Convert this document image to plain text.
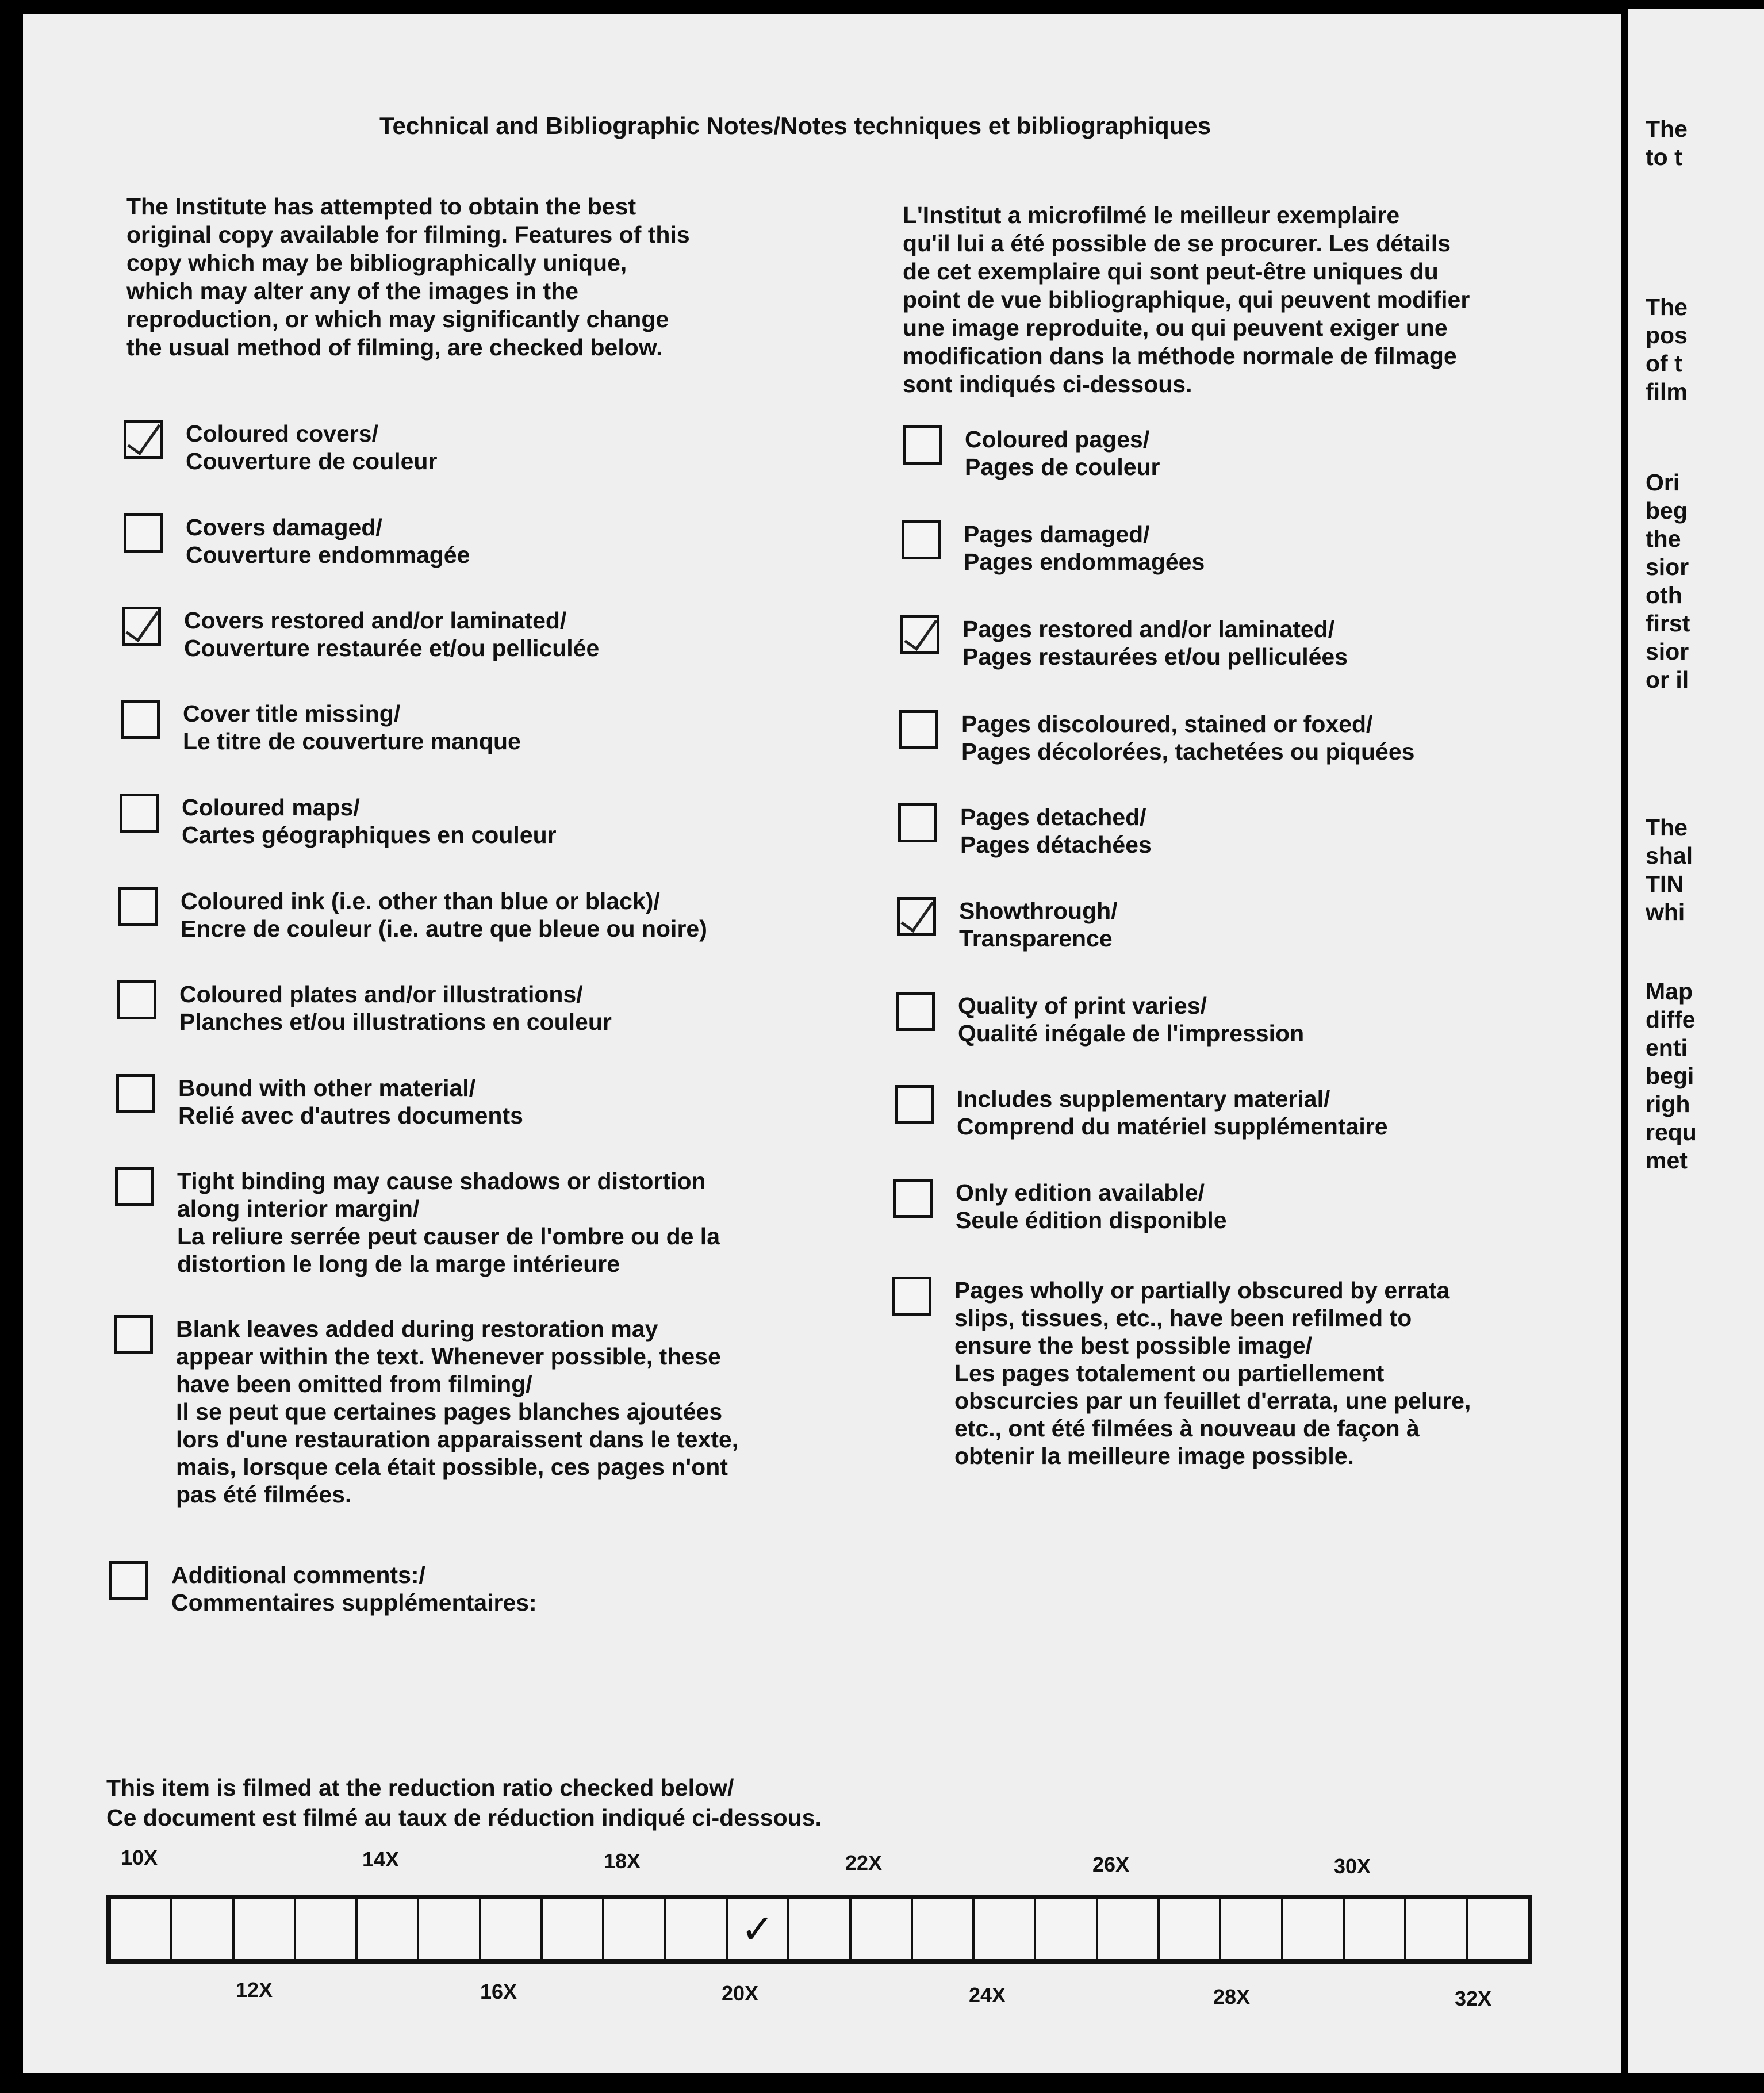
Technical and Bibliographic Notes/Notes techniques et bibliographiques

The Institute has attempted to obtain the best
original copy available for filming. Features of this
copy which may be bibliographically unique,
which may alter any of the images in the
reproduction, or which may significantly change
the usual method of filming, are checked below.

L'Institut a microfilmé le meilleur exemplaire
qu'il lui a été possible de se procurer. Les détails
de cet exemplaire qui sont peut-être uniques du
point de vue bibliographique, qui peuvent modifier
une image reproduite, ou qui peuvent exiger une
modification dans la méthode normale de filmage
sont indiqués ci-dessous.

Coloured covers/
Couverture de couleur
Covers damaged/
Couverture endommagée
Covers restored and/or laminated/
Couverture restaurée et/ou pelliculée
Cover title missing/
Le titre de couverture manque
Coloured maps/
Cartes géographiques en couleur
Coloured ink (i.e. other than blue or black)/
Encre de couleur (i.e. autre que bleue ou noire)
Coloured plates and/or illustrations/
Planches et/ou illustrations en couleur
Bound with other material/
Relié avec d'autres documents
Tight binding may cause shadows or distortion
along interior margin/
La reliure serrée peut causer de l'ombre ou de la
distortion le long de la marge intérieure
Blank leaves added during restoration may
appear within the text. Whenever possible, these
have been omitted from filming/
Il se peut que certaines pages blanches ajoutées
lors d'une restauration apparaissent dans le texte,
mais, lorsque cela était possible, ces pages n'ont
pas été filmées.
Additional comments:/
Commentaires supplémentaires:
Coloured pages/
Pages de couleur
Pages damaged/
Pages endommagées
Pages restored and/or laminated/
Pages restaurées et/ou pelliculées
Pages discoloured, stained or foxed/
Pages décolorées, tachetées ou piquées
Pages detached/
Pages détachées
Showthrough/
Transparence
Quality of print varies/
Qualité inégale de l'impression
Includes supplementary material/
Comprend du matériel supplémentaire
Only edition available/
Seule édition disponible
Pages wholly or partially obscured by errata
slips, tissues, etc., have been refilmed to
ensure the best possible image/
Les pages totalement ou partiellement
obscurcies par un feuillet d'errata, une pelure,
etc., ont été filmées à nouveau de façon à
obtenir la meilleure image possible.
This item is filmed at the reduction ratio checked below/
Ce document est filmé au taux de réduction indiqué ci-dessous.
10X	14X	18X	22X	26X	30X
✓
12X	16X	20X	24X	28X	32X
The
to t
The
pos
of t
film
Ori
beg
the
sior
oth
first
sior
or il
The
shal
TIN
whi
Map
diffe
enti
begi
righ
requ
met
